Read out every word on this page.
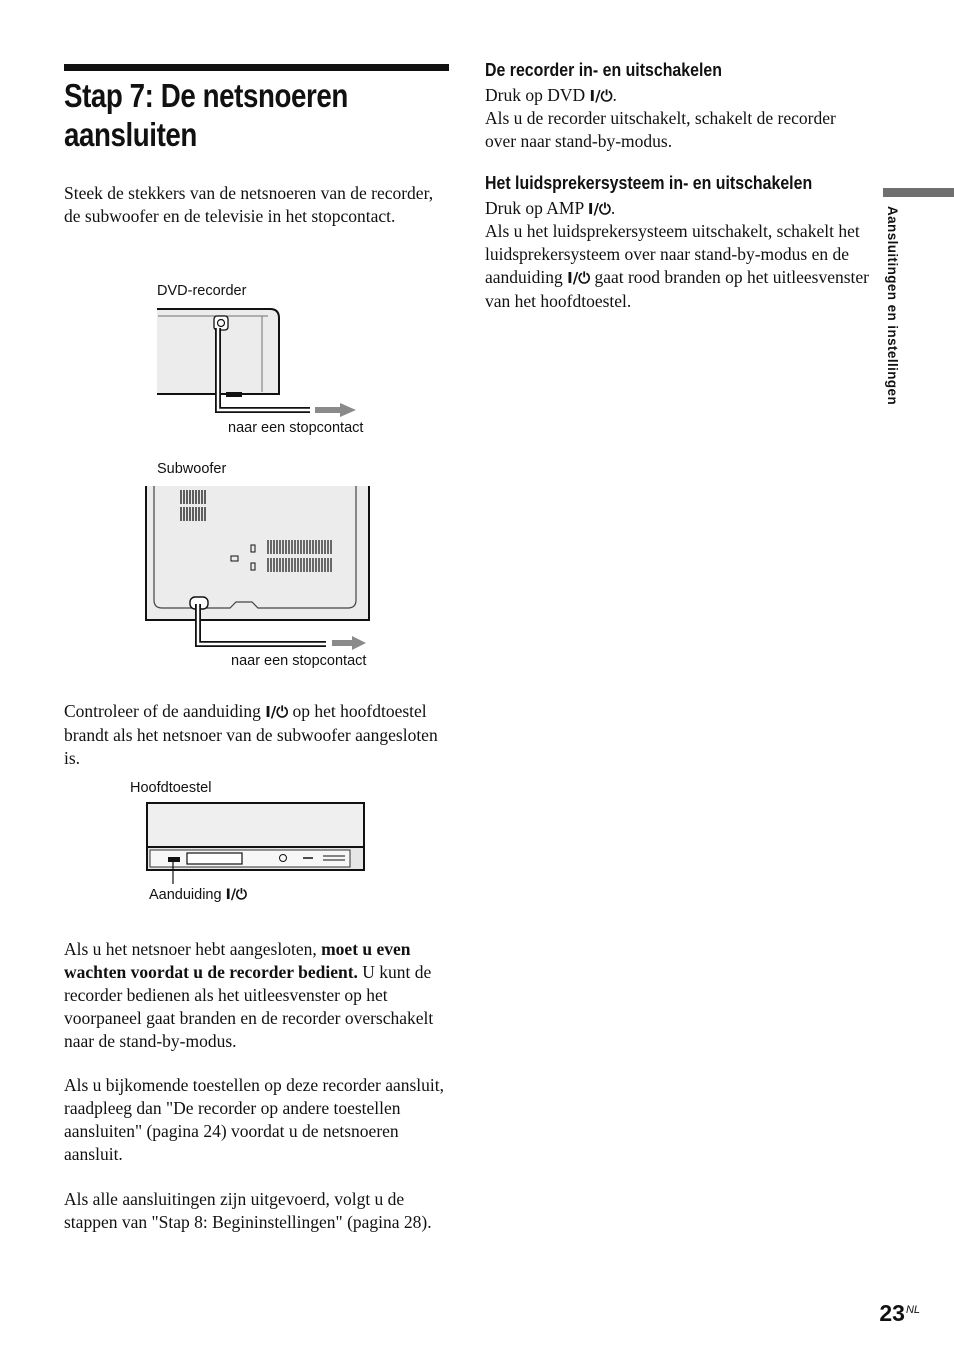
Stap 7: De netsnoeren aansluiten

Steek de stekkers van de netsnoeren van de recorder, de subwoofer en de televisie in het stopcontact.

DVD-recorder
naar een stopcontact
Subwoofer
naar een stopcontact

Controleer of de aanduiding I/⏻ op het hoofdtoestel brandt als het netsnoer van de subwoofer aangesloten is.

Hoofdtoestel
Aanduiding I/⏻

Als u het netsnoer hebt aangesloten, moet u even wachten voordat u de recorder bedient. U kunt de recorder bedienen als het uitleesvenster op het voorpaneel gaat branden en de recorder overschakelt naar de stand-by-modus.

Als u bijkomende toestellen op deze recorder aansluit, raadpleeg dan "De recorder op andere toestellen aansluiten" (pagina 24) voordat u de netsnoeren aansluit.

Als alle aansluitingen zijn uitgevoerd, volgt u de stappen van "Stap 8: Begininstellingen" (pagina 28).

De recorder in- en uitschakelen

Druk op DVD I/⏻.

Als u de recorder uitschakelt, schakelt de recorder over naar stand-by-modus.

Het luidsprekersysteem in- en uitschakelen

Druk op AMP I/⏻.

Als u het luidsprekersysteem uitschakelt, schakelt het luidsprekersysteem over naar stand-by-modus en de aanduiding I/⏻ gaat rood branden op het uitleesvenster van het hoofdtoestel.	Aansluitingen en instellingen
$23^{NL}$
